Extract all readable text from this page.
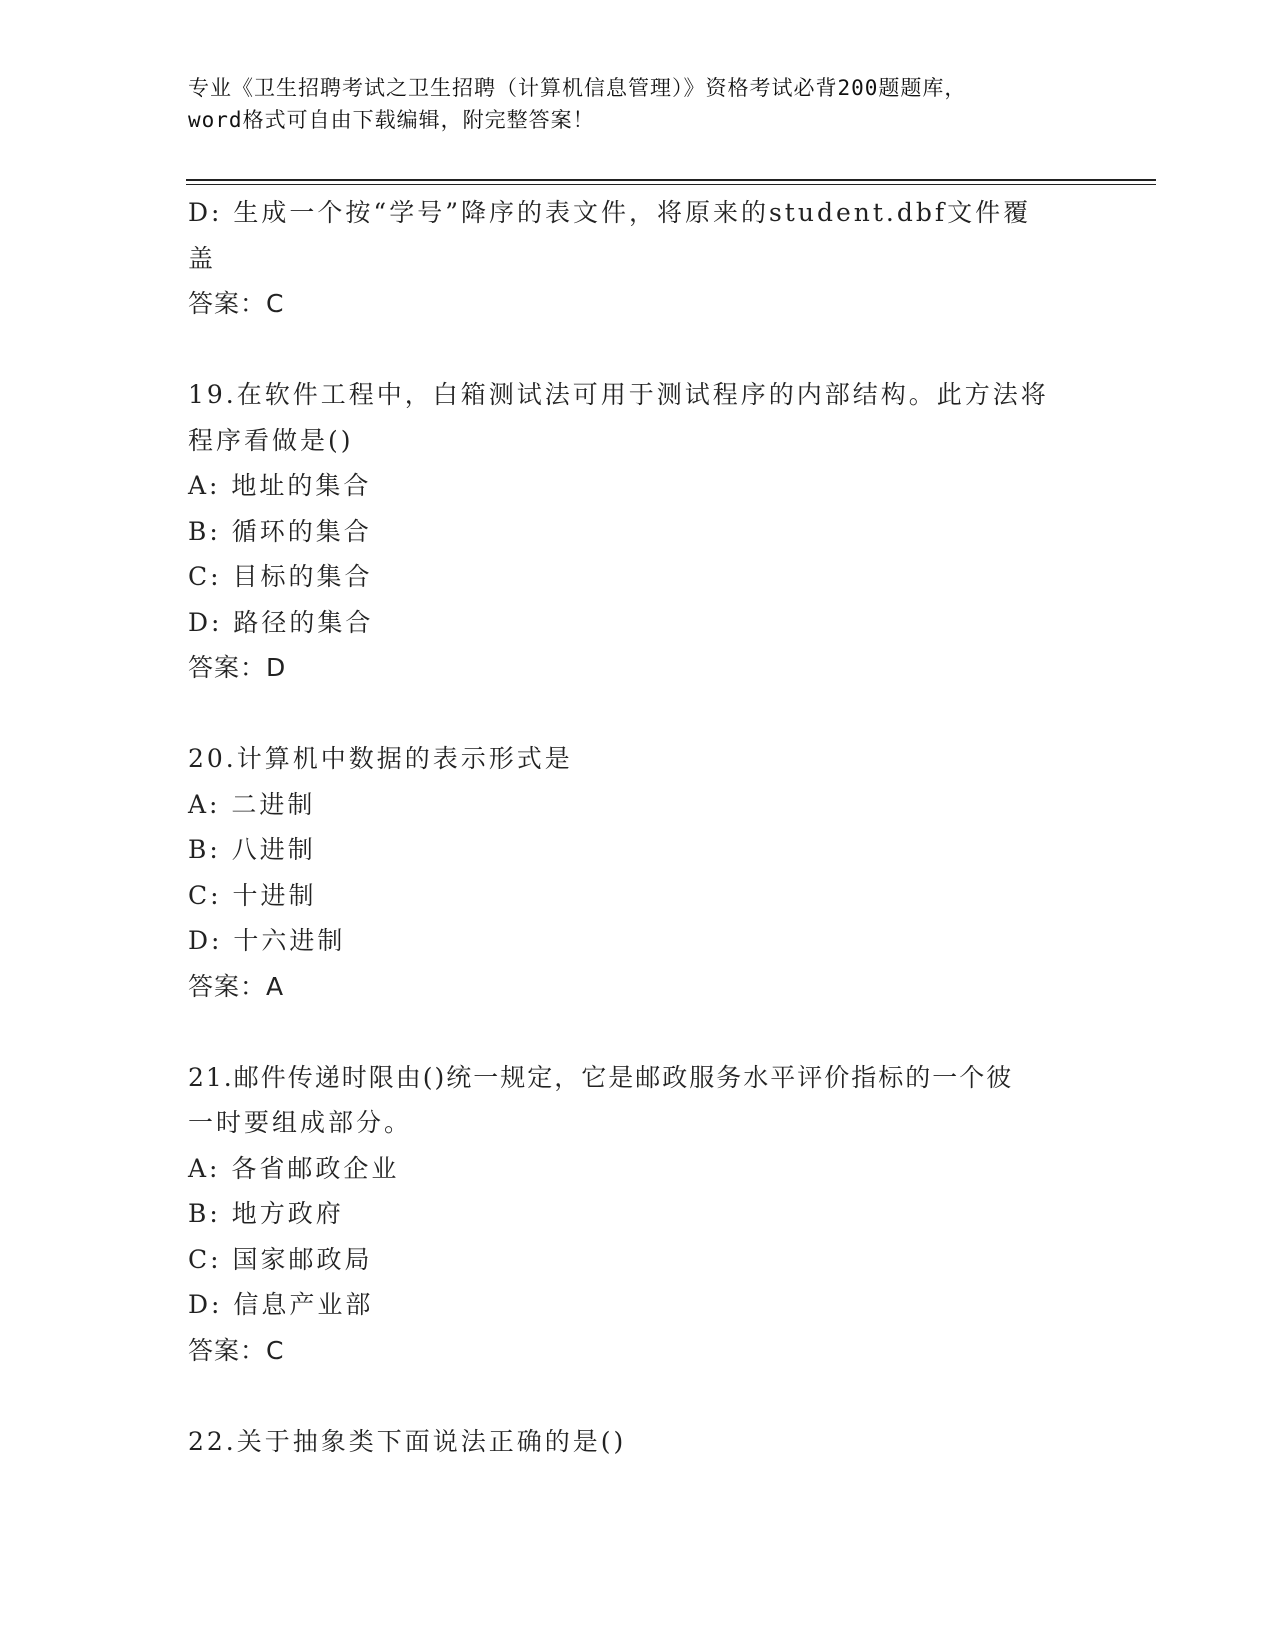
专业《卫生招聘考试之卫生招聘（计算机信息管理）》资格考试必背200题题库，
word格式可自由下载编辑，附完整答案！
D: 生成一个按“学号”降序的表文件，将原来的student.dbf文件覆
盖
答案：C
19.在软件工程中，白箱测试法可用于测试程序的内部结构。此方法将
程序看做是()
A: 地址的集合
B: 循环的集合
C: 目标的集合
D: 路径的集合
答案：D
20.计算机中数据的表示形式是
A: 二进制
B: 八进制
C: 十进制
D: 十六进制
答案：A
21.邮件传递时限由()统一规定，它是邮政服务水平评价指标的一个彼
一时要组成部分。
A: 各省邮政企业
B: 地方政府
C: 国家邮政局
D: 信息产业部
答案：C
22.关于抽象类下面说法正确的是()
